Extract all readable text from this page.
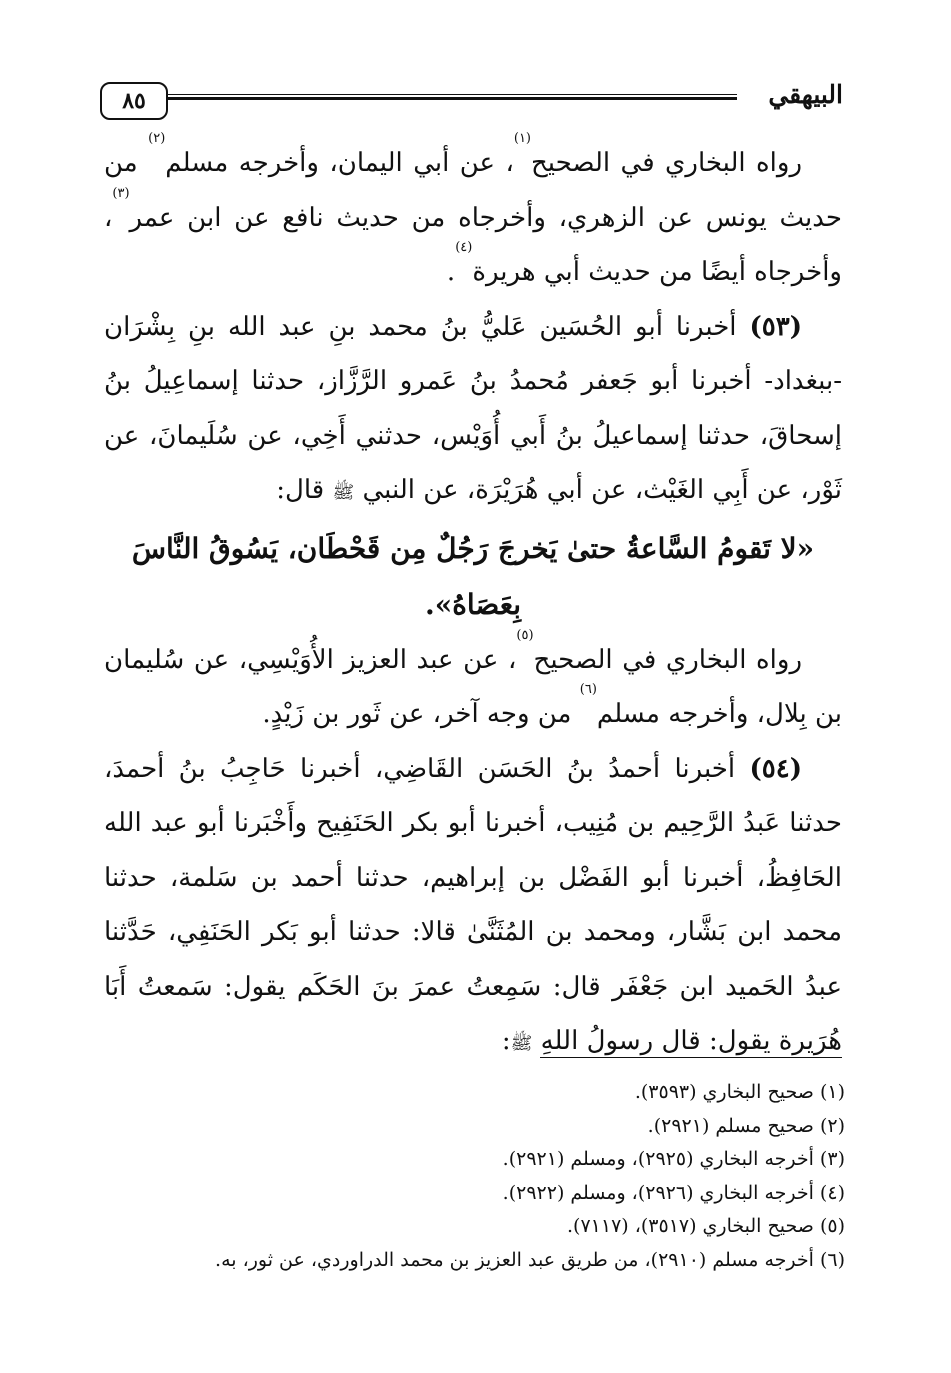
٨٥	البيهقي

رواه البخاري في الصحيح$^{(١)}$، عن أبي اليمان، وأخرجه مسلم$^{(٢)}$ من حديث يونس عن الزهري، وأخرجاه من حديث نافع عن ابن عمر$^{(٣)}$، وأخرجاه أيضًا من حديث أبي هريرة$^{(٤)}$.

(٥٣) أخبرنا أبو الحُسَين عَليُّ بنُ محمد بنِ عبد الله بنِ بِشْرَان -ببغداد- أخبرنا أبو جَعفر مُحمدُ بنُ عَمرو الرَّزَّاز، حدثنا إسماعِيلُ بنُ إسحاقَ، حدثنا إسماعيلُ بنُ أَبي أُوَيْس، حدثني أَخِي، عن سُلَيمانَ، عن ثَوْر، عن أَبِي الغَيْث، عن أبي هُرَيْرَة، عن النبي ﷺ قال:

«لا تَقومُ السَّاعةُ حتىٰ يَخرجَ رَجُلٌ مِن قَحْطَان، يَسُوقُ النَّاسَ بِعَصَاهُ».

رواه البخاري في الصحيح$^{(٥)}$، عن عبد العزيز الأُوَيْسِي، عن سُليمان بن بِلال، وأخرجه مسلم$^{(٦)}$ من وجه آخر، عن ثَور بن زَيْدٍ.

(٥٤) أخبرنا أحمدُ بنُ الحَسَن القَاضِي، أخبرنا حَاجِبُ بنُ أحمدَ، حدثنا عَبدُ الرَّحِيم بن مُنِيب، أخبرنا أبو بكر الحَنَفِيح وأَخْبَرنا أبو عبد الله الحَافِظُ، أخبرنا أبو الفَضْل بن إبراهيم، حدثنا أحمد بن سَلمة، حدثنا محمد ابن بَشَّار، ومحمد بن المُثَنَّىٰ قالا: حدثنا أبو بَكر الحَنَفِي، حَدَّثنا عبدُ الحَميد ابن جَعْفَر قال: سَمِعتُ عمرَ بنَ الحَكَم يقول: سَمعتُ أَبَا هُرَيرة يقول: قال رسولُ اللهِ ﷺ:

(١) صحيح البخاري (٣٥٩٣).

(٢) صحيح مسلم (٢٩٢١).

(٣) أخرجه البخاري (٢٩٢٥)، ومسلم (٢٩٢١).

(٤) أخرجه البخاري (٢٩٢٦)، ومسلم (٢٩٢٢).

(٥) صحيح البخاري (٣٥١٧)، (٧١١٧).

(٦) أخرجه مسلم (٢٩١٠)، من طريق عبد العزيز بن محمد الدراوردي، عن ثور، به.
